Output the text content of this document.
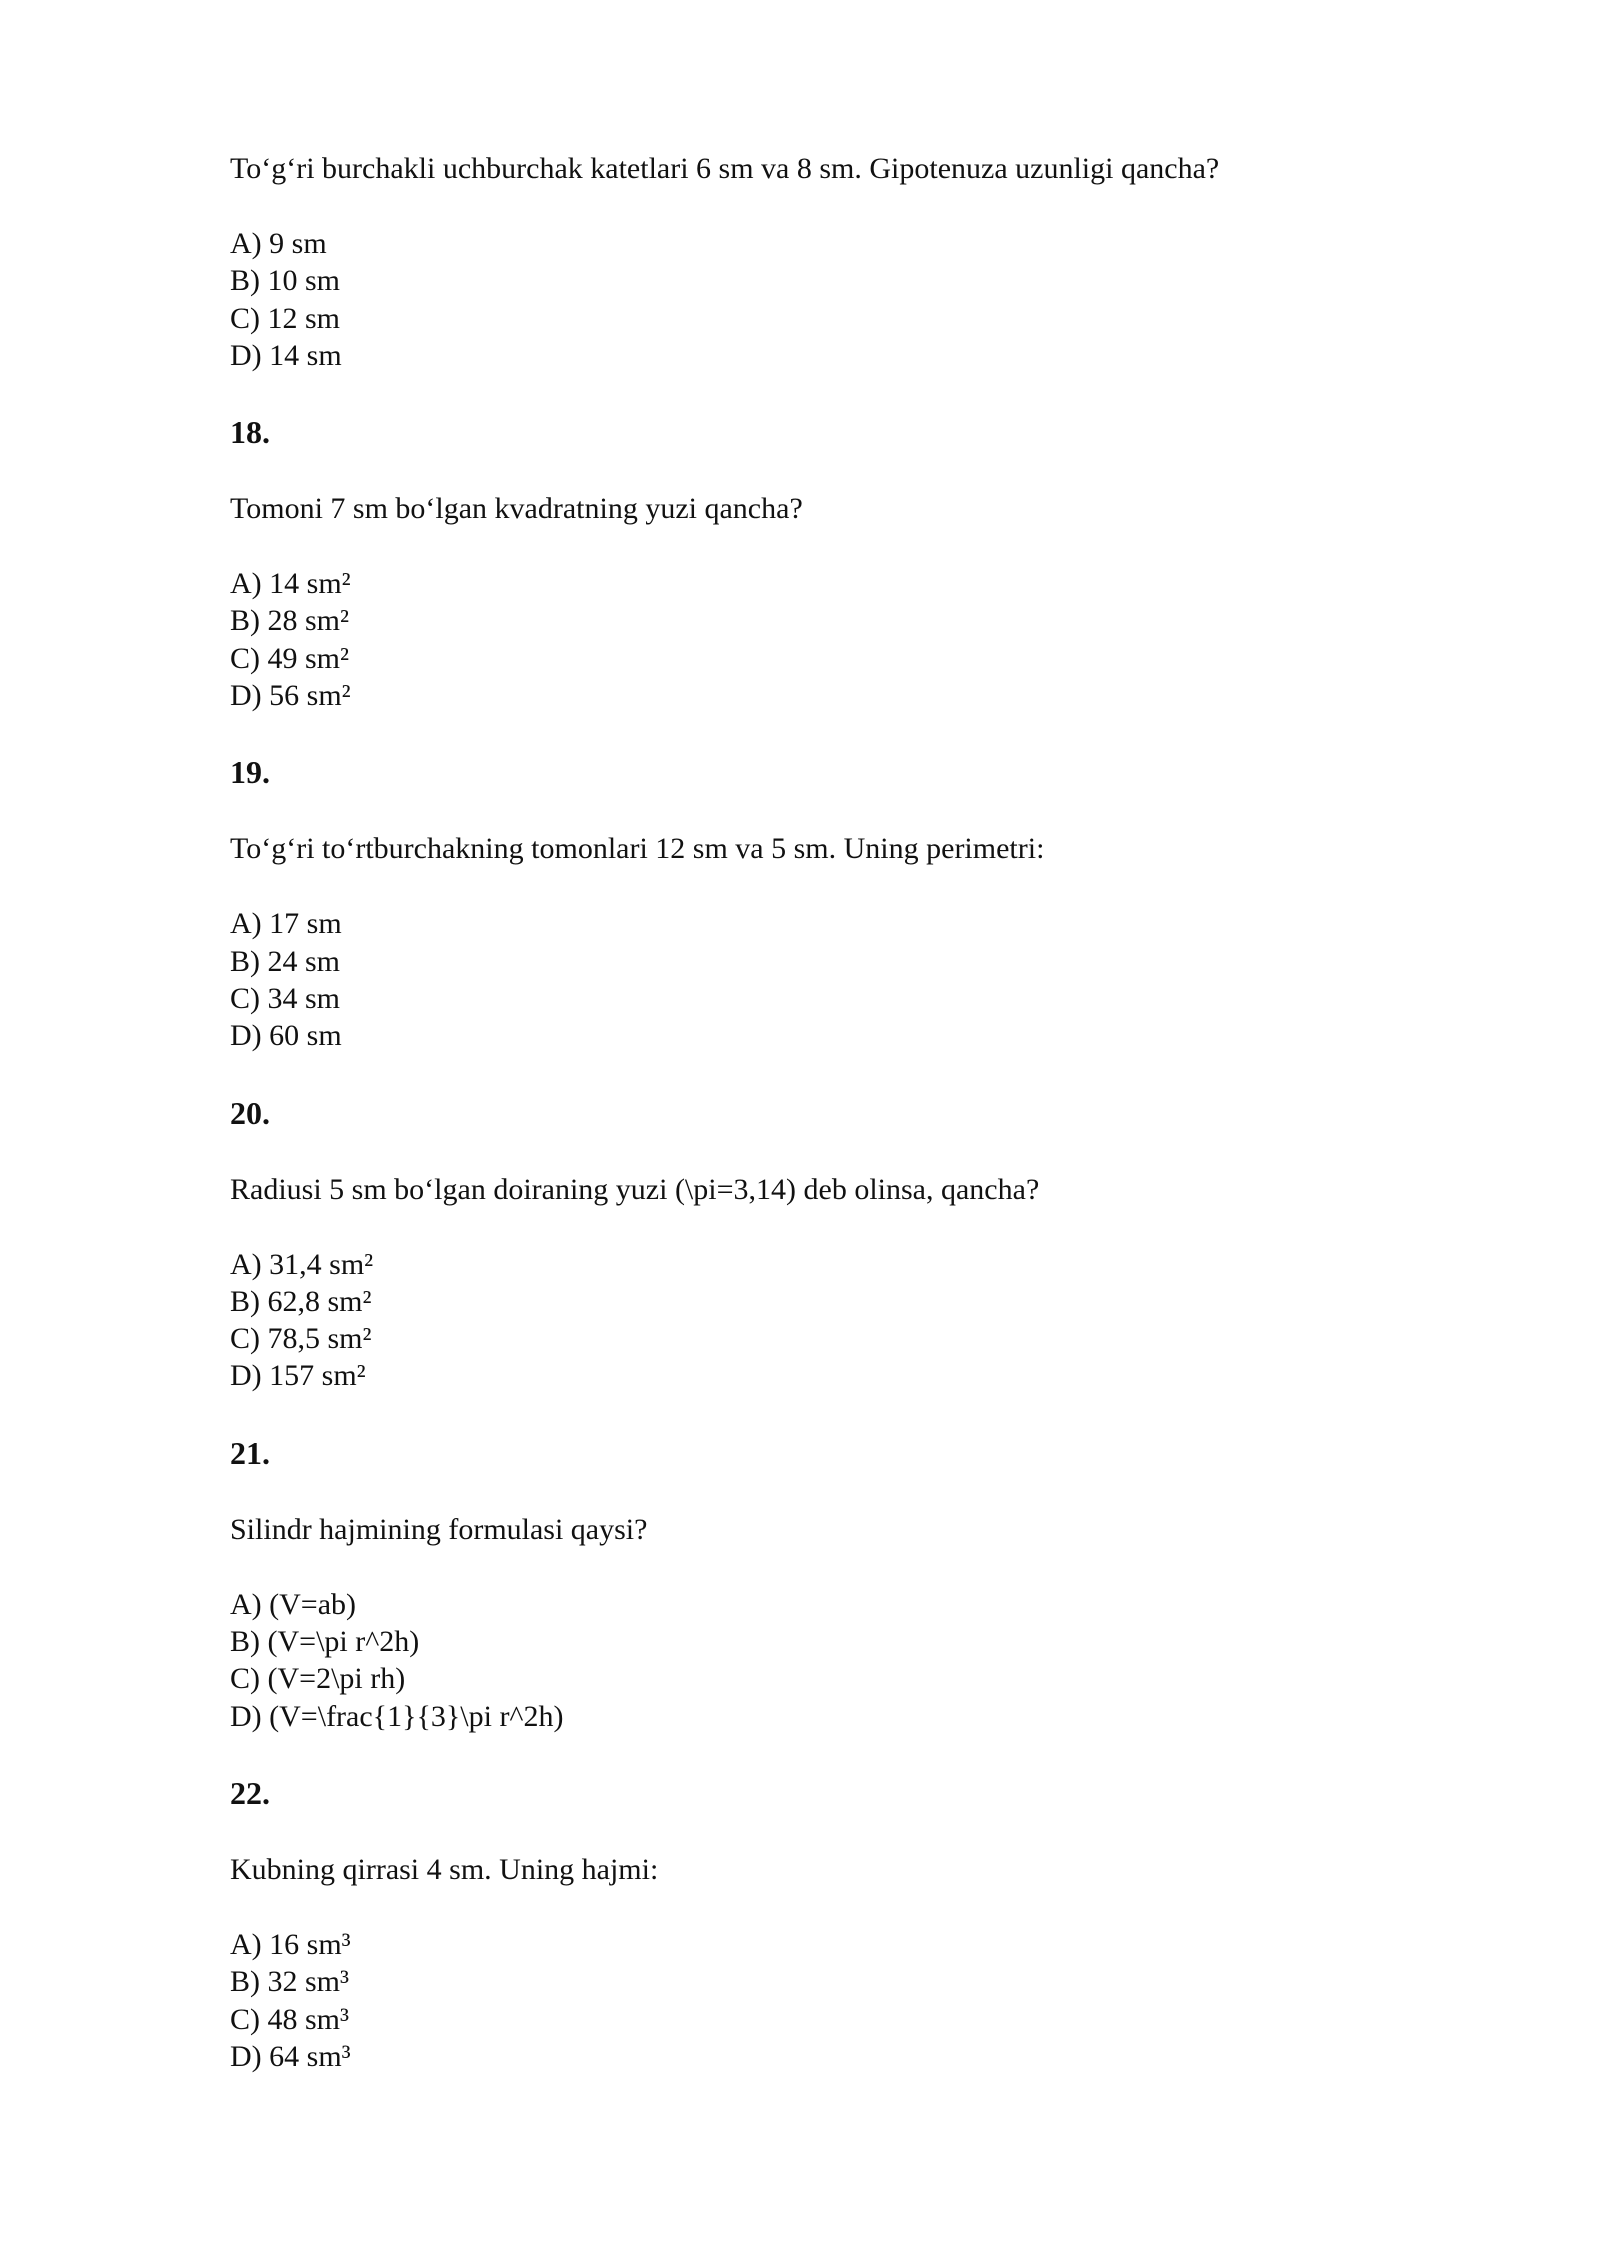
To‘g‘ri burchakli uchburchak katetlari 6 sm va 8 sm. Gipotenuza uzunligi qancha?

A) 9 sm
B) 10 sm
C) 12 sm
D) 14 sm
18.

Tomoni 7 sm bo‘lgan kvadratning yuzi qancha?

A) 14 sm²
B) 28 sm²
C) 49 sm²
D) 56 sm²
19.

To‘g‘ri to‘rtburchakning tomonlari 12 sm va 5 sm. Uning perimetri:

A) 17 sm
B) 24 sm
C) 34 sm
D) 60 sm
20.

Radiusi 5 sm bo‘lgan doiraning yuzi (\pi=3,14) deb olinsa, qancha?

A) 31,4 sm²
B) 62,8 sm²
C) 78,5 sm²
D) 157 sm²
21.

Silindr hajmining formulasi qaysi?

A) (V=ab)
B) (V=\pi r^2h)
C) (V=2\pi rh)
D) (V=\frac{1}{3}\pi r^2h)
22.

Kubning qirrasi 4 sm. Uning hajmi:

A) 16 sm³
B) 32 sm³
C) 48 sm³
D) 64 sm³
